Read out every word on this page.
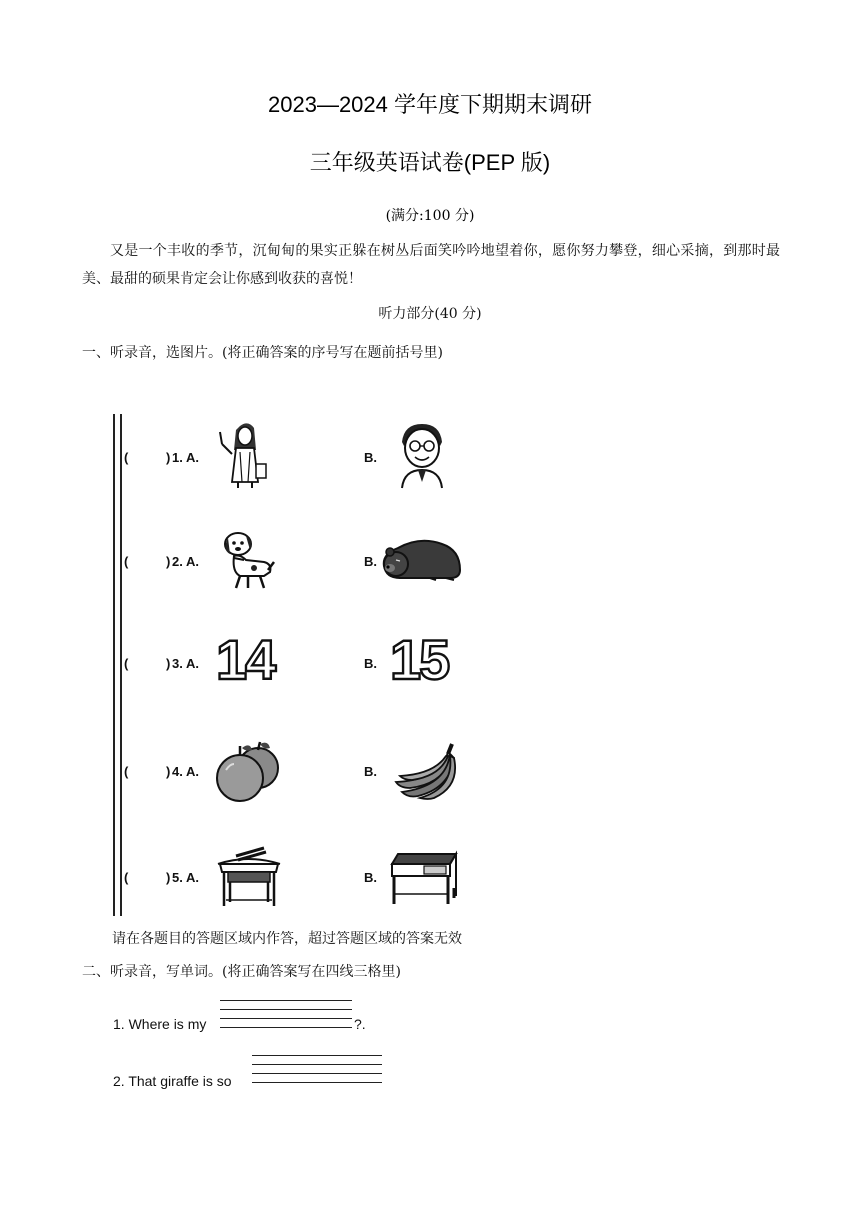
2023—2024 学年度下期期末调研
三年级英语试卷(PEP 版)
(满分:100 分)
又是一个丰收的季节，沉甸甸的果实正躲在树丛后面笑吟吟地望着你，愿你努力攀登，细心采摘，到那时最美、最甜的硕果肯定会让你感到收获的喜悦！
听力部分(40 分)
一、听录音，选图片。(将正确答案的序号写在题前括号里)
(	) 1. A.	B.
(	) 2. A.	B.
(	) 3. A. 14	B. 15
(	) 4. A.	B.
(	) 5. A.	B.
请在各题目的答题区域内作答，超过答题区域的答案无效
二、听录音，写单词。(将正确答案写在四线三格里)
1. Where is my	?.
2. That giraffe is so
